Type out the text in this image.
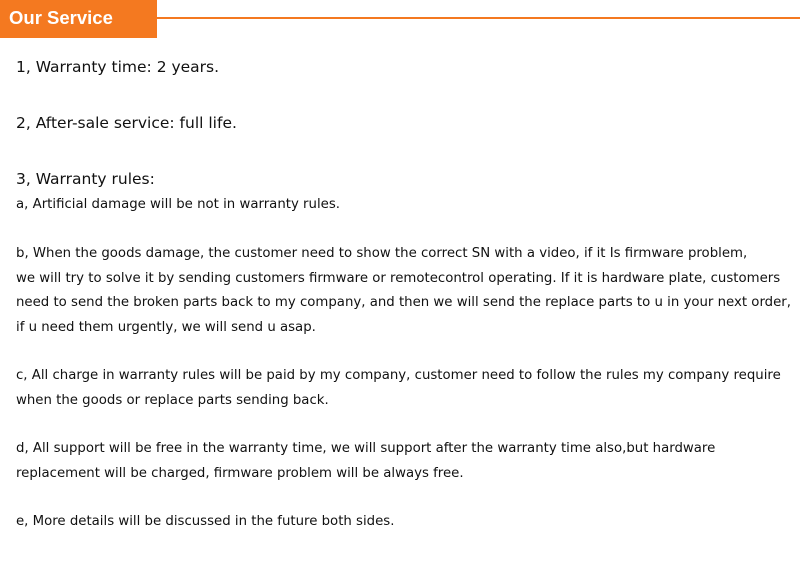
Our Service
1, Warranty time: 2 years.
2, After-sale service: full life.
3, Warranty rules:
a, Artificial damage will be not in warranty rules.
b, When the goods damage, the customer need to show the correct SN with a video, if it Is firmware problem,
we will try to solve it by sending customers firmware or remotecontrol operating. If it is hardware plate, customers
need to send the broken parts back to my company, and then we will send the replace parts to u in your next order,
if u need them urgently, we will send u asap.
c, All charge in warranty rules will be paid by my company, customer need to follow the rules my company require
when the goods or replace parts sending back.
d, All support will be free in the warranty time, we will support after the warranty time also,but hardware
replacement will be charged, firmware problem will be always free.
e, More details will be discussed in the future both sides.
